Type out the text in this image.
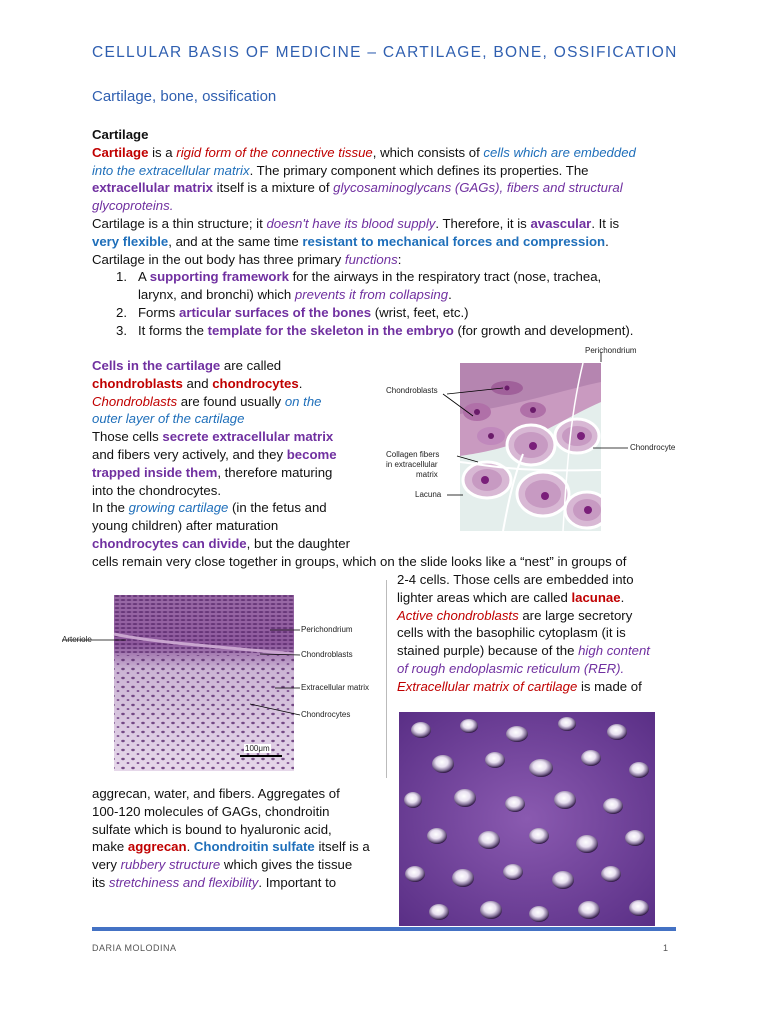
CELLULAR BASIS OF MEDICINE – CARTILAGE, BONE, OSSIFICATION
Cartilage, bone, ossification
Cartilage
Cartilage is a rigid form of the connective tissue, which consists of cells which are embedded
into the extracellular matrix. The primary component which defines its properties. The
extracellular matrix itself is a mixture of glycosaminoglycans (GAGs), fibers and structural
glycoproteins.
Cartilage is a thin structure; it doesn't have its blood supply. Therefore, it is avascular. It is
very flexible, and at the same time resistant to mechanical forces and compression.
Cartilage in the out body has three primary functions:
1. A supporting framework for the airways in the respiratory tract (nose, trachea,
larynx, and bronchi) which prevents it from collapsing.
2. Forms articular surfaces of the bones (wrist, feet, etc.)
3. It forms the template for the skeleton in the embryo (for growth and development).
Cells in the cartilage are called
chondroblasts and chondrocytes.
Chondroblasts are found usually on the
outer layer of the cartilage
Those cells secrete extracellular matrix
and fibers very actively, and they become
trapped inside them, therefore maturing
into the chondrocytes.
In the growing cartilage (in the fetus and
young children) after maturation
chondrocytes can divide, but the daughter
cells remain very close together in groups, which on the slide looks like a “nest” in groups of
2-4 cells. Those cells are embedded into
lighter areas which are called lacunae.
Active chondroblasts are large secretory
cells with the basophilic cytoplasm (it is
stained purple) because of the high content
of rough endoplasmic reticulum (RER).
Extracellular matrix of cartilage is made of
aggrecan, water, and fibers. Aggregates of
100-120 molecules of GAGs, chondroitin
sulfate which is bound to hyaluronic acid,
make aggrecan. Chondroitin sulfate itself is a
very rubbery structure which gives the tissue
its stretchiness and flexibility. Important to
Perichondrium
Chondroblasts
Chondrocyte
Collagen fibers
in extracellular
matrix
Lacuna
Arteriole
Perichondrium
Chondroblasts
Extracellular matrix
Chondrocytes
100μm
DARIA MOLODINA	1
